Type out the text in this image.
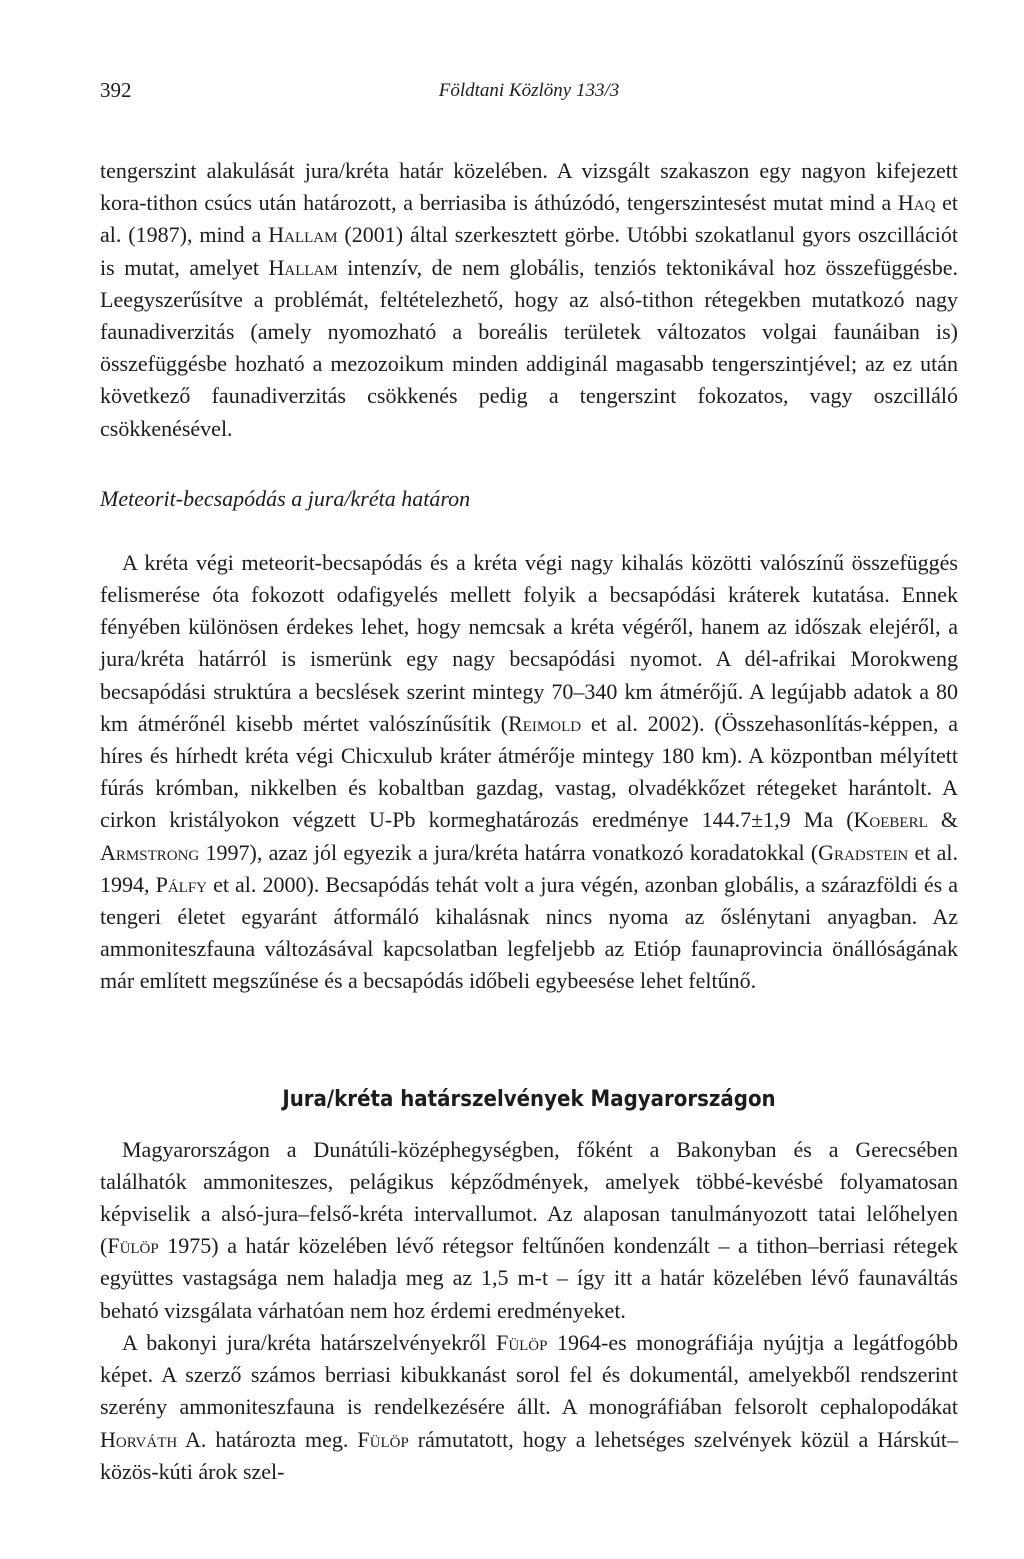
392	Földtani Közlöny 133/3

tengerszint alakulását jura/kréta határ közelében. A vizsgált szakaszon egy nagyon kifejezett kora-tithon csúcs után határozott, a berriasiba is áthúzódó, tengerszintesést mutat mind a Haq et al. (1987), mind a Hallam (2001) által szerkesztett görbe. Utóbbi szokatlanul gyors oszcillációt is mutat, amelyet Hallam intenzív, de nem globális, tenziós tektonikával hoz összefüggésbe. Leegyszerűsítve a problémát, feltételezhető, hogy az alsó-tithon rétegekben mutatkozó nagy faunadiverzitás (amely nyomozható a boreális területek változatos volgai faunáiban is) összefüggésbe hozható a mezozoikum minden addiginál magasabb tengerszintjével; az ez után következő faunadiverzitás csökkenés pedig a tengerszint fokozatos, vagy oszcilláló csökkenésével.

Meteorit-becsapódás a jura/kréta határon

A kréta végi meteorit-becsapódás és a kréta végi nagy kihalás közötti valószínű összefüggés felismerése óta fokozott odafigyelés mellett folyik a becsapódási kráterek kutatása. Ennek fényében különösen érdekes lehet, hogy nemcsak a kréta végéről, hanem az időszak elejéről, a jura/kréta határról is ismerünk egy nagy becsapódási nyomot. A dél-afrikai Morokweng becsapódási struktúra a becslések szerint mintegy 70–340 km átmérőjű. A legújabb adatok a 80 km átmérőnél kisebb mértet valószínűsítik (Reimold et al. 2002). (Összehasonlítás-képpen, a híres és hírhedt kréta végi Chicxulub kráter átmérője mintegy 180 km). A központban mélyített fúrás krómban, nikkelben és kobaltban gazdag, vastag, olvadékkőzet rétegeket harántolt. A cirkon kristályokon végzett U-Pb kormeghatározás eredménye 144.7±1,9 Ma (Koeberl & Armstrong 1997), azaz jól egyezik a jura/kréta határra vonatkozó koradatokkal (Gradstein et al. 1994, Pálfy et al. 2000). Becsapódás tehát volt a jura végén, azonban globális, a szárazföldi és a tengeri életet egyaránt átformáló kihalásnak nincs nyoma az őslénytani anyagban. Az ammoniteszfauna változásával kapcsolatban legfeljebb az Etióp faunaprovincia önállóságának már említett megszűnése és a becsapódás időbeli egybeesése lehet feltűnő.

Jura/kréta határszelvények Magyarországon

Magyarországon a Dunátúli-középhegységben, főként a Bakonyban és a Gerecsében találhatók ammoniteszes, pelágikus képződmények, amelyek többé-kevésbé folyamatosan képviselik a alsó-jura–felső-kréta intervallumot. Az alaposan tanulmányozott tatai lelőhelyen (Fülöp 1975) a határ közelében lévő rétegsor feltűnően kondenzált – a tithon–berriasi rétegek együttes vastagsága nem haladja meg az 1,5 m-t – így itt a határ közelében lévő faunaváltás beható vizsgálata várhatóan nem hoz érdemi eredményeket.

A bakonyi jura/kréta határszelvényekről Fülöp 1964-es monográfiája nyújtja a legátfogóbb képet. A szerző számos berriasi kibukkanást sorol fel és dokumentál, amelyekből rendszerint szerény ammoniteszfauna is rendelkezésére állt. A monográfiában felsorolt cephalopodákat Horváth A. határozta meg. Fülöp rámutatott, hogy a lehetséges szelvények közül a Hárskút–közös-kúti árok szel-
